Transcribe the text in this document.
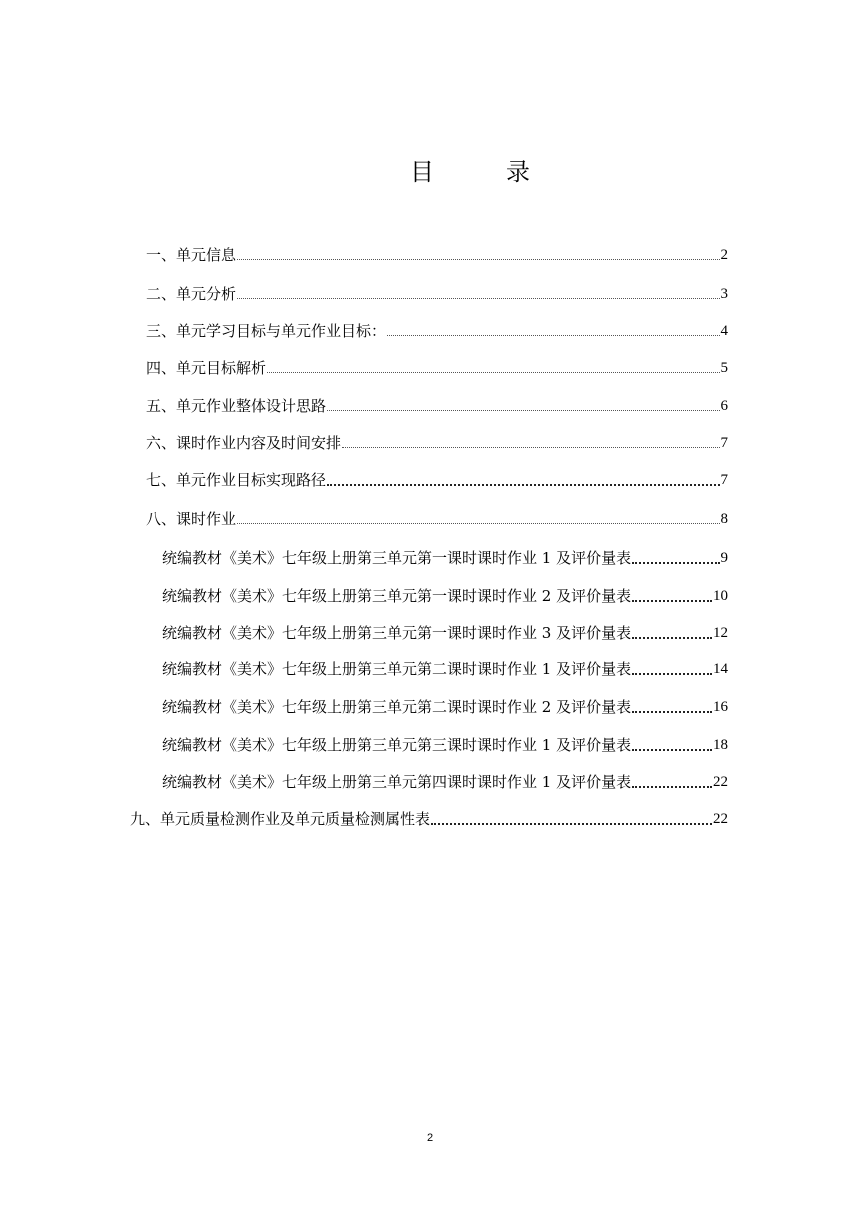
目　录
一、单元信息	2
二、单元分析	3
三、单元学习目标与单元作业目标：	4
四、单元目标解析	5
五、单元作业整体设计思路	6
六、课时作业内容及时间安排	7
七、单元作业目标实现路径	7
八、课时作业	8
统编教材《美术》七年级上册第三单元第一课时课时作业 1 及评价量表	9
统编教材《美术》七年级上册第三单元第一课时课时作业 2 及评价量表	10
统编教材《美术》七年级上册第三单元第一课时课时作业 3 及评价量表	12
统编教材《美术》七年级上册第三单元第二课时课时作业 1 及评价量表	14
统编教材《美术》七年级上册第三单元第二课时课时作业 2 及评价量表	16
统编教材《美术》七年级上册第三单元第三课时课时作业 1 及评价量表	18
统编教材《美术》七年级上册第三单元第四课时课时作业 1 及评价量表	22
九、单元质量检测作业及单元质量检测属性表	22
2
